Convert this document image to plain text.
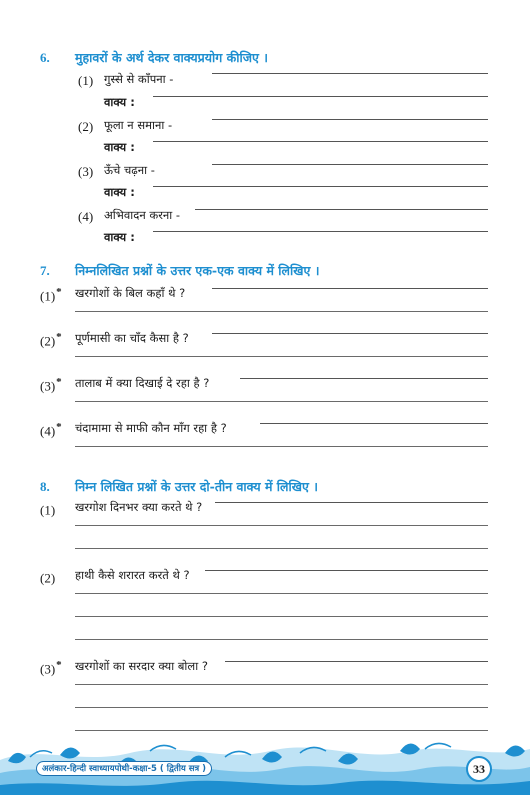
6. मुहावरों के अर्थ देकर वाक्यप्रयोग कीजिए ।
(1) गुस्से से काँपना -
वाक्य :
(2) फूला न समाना -
वाक्य :
(3) ऊँचे चढ़ना -
वाक्य :
(4) अभिवादन करना -
वाक्य :
7. निम्नलिखित प्रश्नों के उत्तर एक-एक वाक्य में लिखिए ।
(1)* खरगोशों के बिल कहाँ थे ?
(2)* पूर्णमासी का चाँद कैसा है ?
(3)* तालाब में क्या दिखाई दे रहा है ?
(4)* चंदामामा से माफी कौन माँग रहा है ?
8. निम्न लिखित प्रश्नों के उत्तर दो-तीन वाक्य में लिखिए ।
(1) खरगोश दिनभर क्या करते थे ?
(2) हाथी कैसे शरारत करते थे ?
(3)* खरगोशों का सरदार क्या बोला ?
अलंकार-हिन्दी स्वाध्यायपोथी-कक्षा-5 ( द्वितीय सत्र )	33
